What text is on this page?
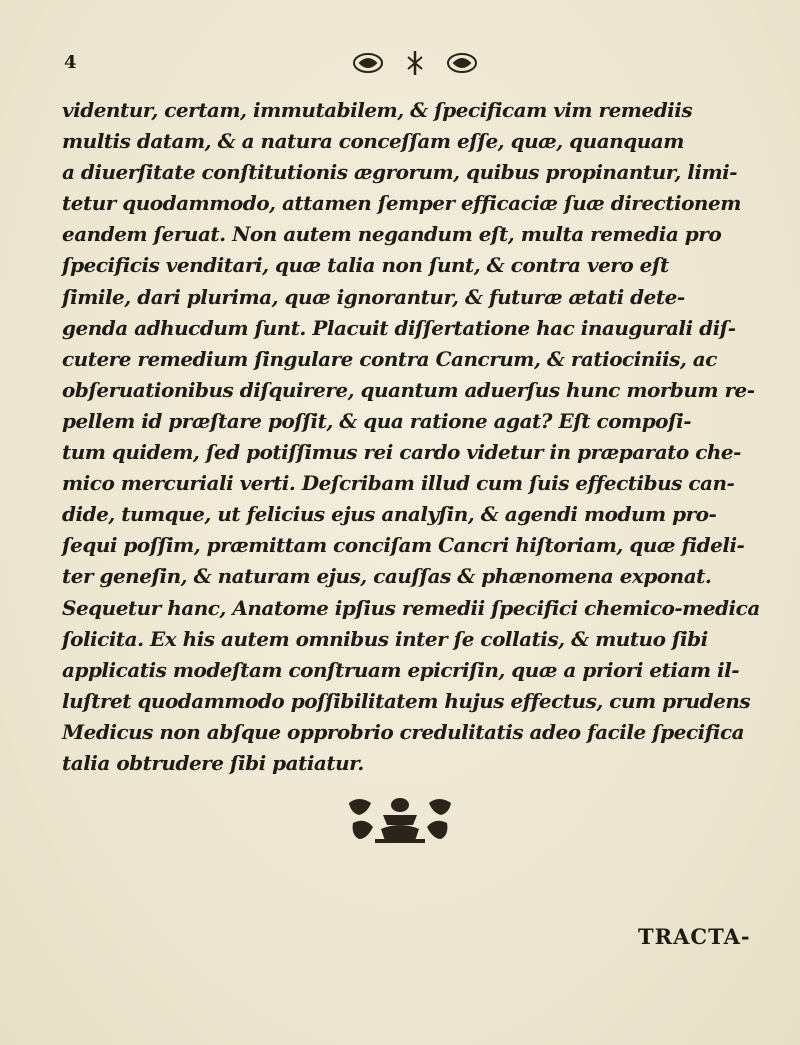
4
videntur, certam, immutabilem, & ſpecificam vim remediis
multis datam, & a natura conceſſam eſſe, quæ, quanquam
a diuerſitate conſtitutionis ægrorum, quibus propinantur, limi-
tetur quodammodo, attamen ſemper efficaciæ ſuæ directionem
eandem ſeruat. Non autem negandum eſt, multa remedia pro
ſpecificis venditari, quæ talia non ſunt, & contra vero eſt
ſimile, dari plurima, quæ ignorantur, & futuræ ætati dete-
genda adhucdum ſunt. Placuit diſſertatione hac inaugurali diſ-
cutere remedium ſingulare contra Cancrum, & ratiociniis, ac
obſeruationibus diſquirere, quantum aduerſus hunc morbum re-
pellem id præſtare poſſit, & qua ratione agat? Eſt compoſi-
tum quidem, ſed potiſſimus rei cardo videtur in præparato che-
mico mercuriali verti. Deſcribam illud cum ſuis effectibus can-
dide, tumque, ut felicius ejus analyſin, & agendi modum pro-
ſequi poſſim, præmittam conciſam Cancri hiſtoriam, quæ fideli-
ter geneſin, & naturam ejus, cauſſas & phænomena exponat.
Sequetur hanc, Anatome ipſius remedii ſpecifici chemico-medica
ſolicita. Ex his autem omnibus inter ſe collatis, & mutuo ſibi
applicatis modeſtam conſtruam epicriſin, quæ a priori etiam il-
luſtret quodammodo poſſibilitatem hujus effectus, cum prudens
Medicus non abſque opprobrio credulitatis adeo facile ſpecifica
talia obtrudere ſibi patiatur.
TRACTA-
